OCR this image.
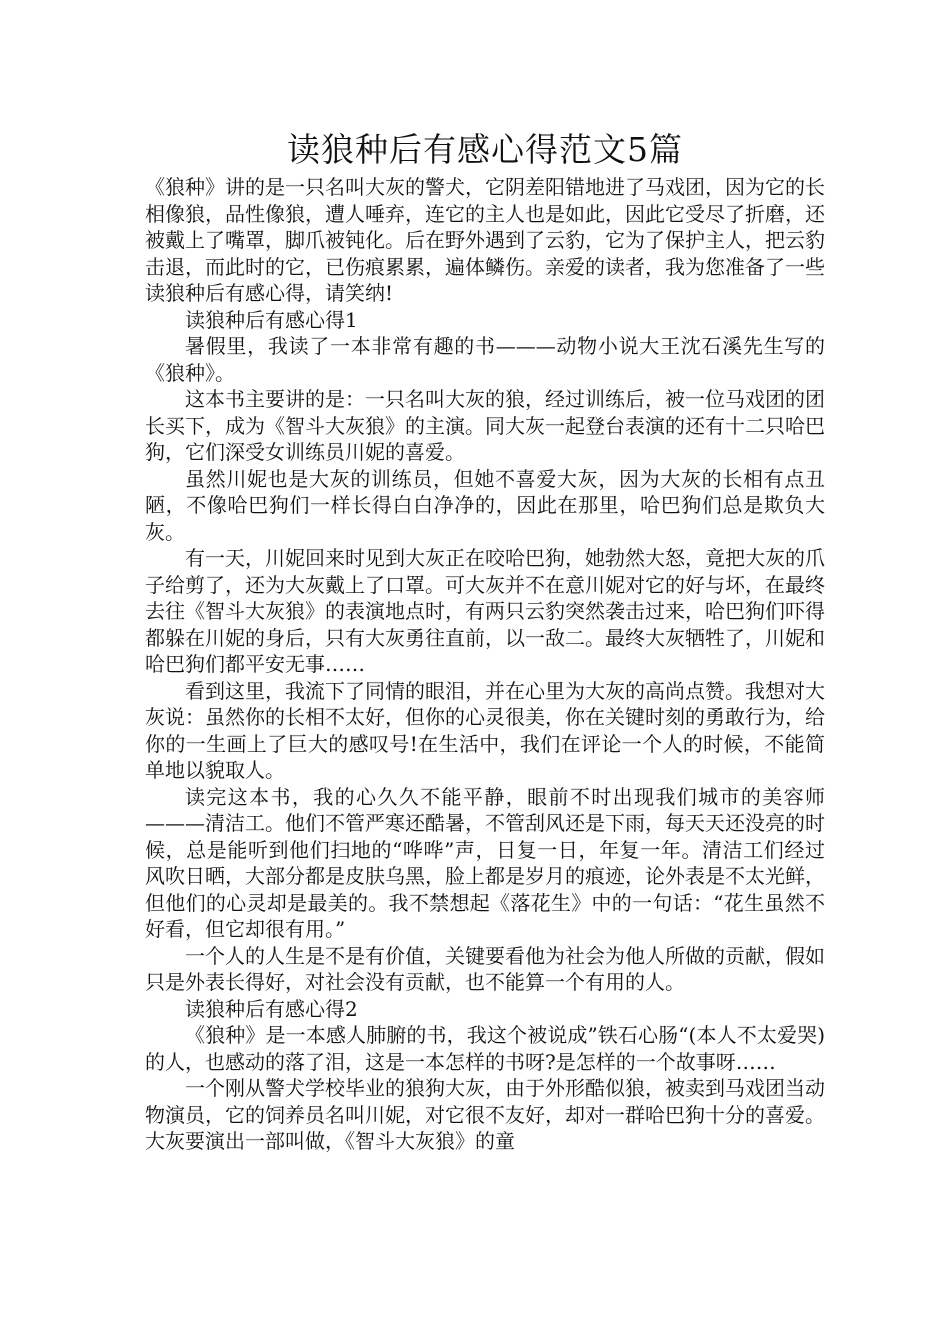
读狼种后有感心得范文5篇

《狼种》讲的是一只名叫大灰的警犬，它阴差阳错地进了马戏团，因为它的长相像狼，品性像狼，遭人唾弃，连它的主人也是如此，因此它受尽了折磨，还被戴上了嘴罩，脚爪被钝化。后在野外遇到了云豹，它为了保护主人，把云豹击退，而此时的它，已伤痕累累，遍体鳞伤。亲爱的读者，我为您准备了一些读狼种后有感心得，请笑纳!

读狼种后有感心得1

暑假里，我读了一本非常有趣的书———动物小说大王沈石溪先生写的《狼种》。

这本书主要讲的是：一只名叫大灰的狼，经过训练后，被一位马戏团的团长买下，成为《智斗大灰狼》的主演。同大灰一起登台表演的还有十二只哈巴狗，它们深受女训练员川妮的喜爱。

虽然川妮也是大灰的训练员，但她不喜爱大灰，因为大灰的长相有点丑陋，不像哈巴狗们一样长得白白净净的，因此在那里，哈巴狗们总是欺负大灰。

有一天，川妮回来时见到大灰正在咬哈巴狗，她勃然大怒，竟把大灰的爪子给剪了，还为大灰戴上了口罩。可大灰并不在意川妮对它的好与坏，在最终去往《智斗大灰狼》的表演地点时，有两只云豹突然袭击过来，哈巴狗们吓得都躲在川妮的身后，只有大灰勇往直前，以一敌二。最终大灰牺牲了，川妮和哈巴狗们都平安无事……

看到这里，我流下了同情的眼泪，并在心里为大灰的高尚点赞。我想对大灰说：虽然你的长相不太好，但你的心灵很美，你在关键时刻的勇敢行为，给你的一生画上了巨大的感叹号!在生活中，我们在评论一个人的时候，不能简单地以貌取人。

读完这本书，我的心久久不能平静，眼前不时出现我们城市的美容师———清洁工。他们不管严寒还酷暑，不管刮风还是下雨，每天天还没亮的时候，总是能听到他们扫地的“哗哗”声，日复一日，年复一年。清洁工们经过风吹日晒，大部分都是皮肤乌黑，脸上都是岁月的痕迹，论外表是不太光鲜，但他们的心灵却是最美的。我不禁想起《落花生》中的一句话：“花生虽然不好看，但它却很有用。”

一个人的人生是不是有价值，关键要看他为社会为他人所做的贡献，假如只是外表长得好，对社会没有贡献，也不能算一个有用的人。

读狼种后有感心得2

《狼种》是一本感人肺腑的书，我这个被说成”铁石心肠“(本人不太爱哭)的人，也感动的落了泪，这是一本怎样的书呀?是怎样的一个故事呀……

一个刚从警犬学校毕业的狼狗大灰，由于外形酷似狼，被卖到马戏团当动物演员，它的饲养员名叫川妮，对它很不友好，却对一群哈巴狗十分的喜爱。大灰要演出一部叫做，《智斗大灰狼》的童
